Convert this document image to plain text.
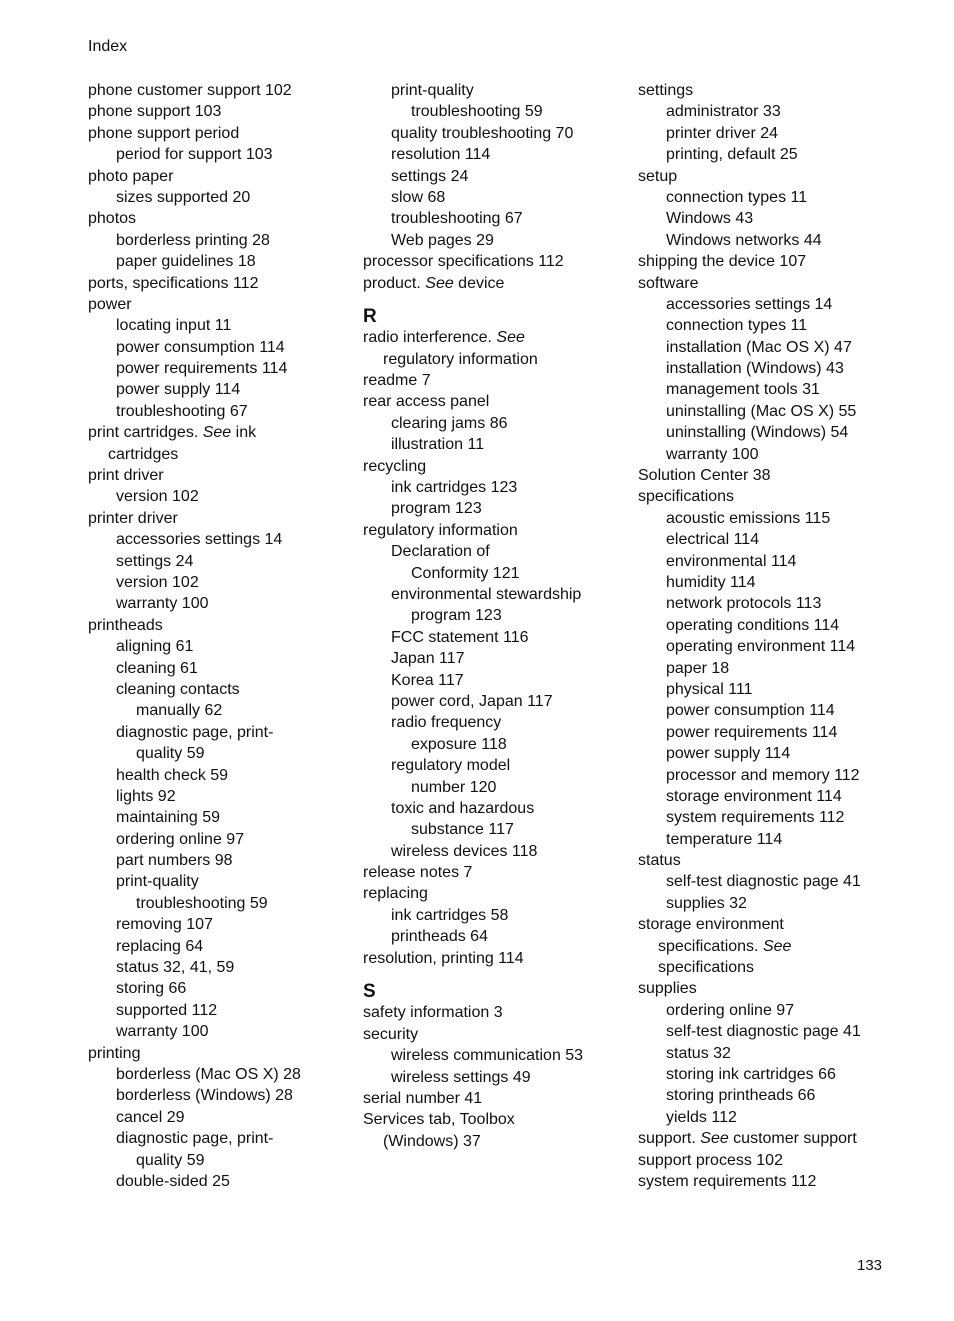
Index
phone customer support 102
phone support 103
phone support period
period for support 103
photo paper
sizes supported 20
photos
borderless printing 28
paper guidelines 18
ports, specifications 112
power
locating input 11
power consumption 114
power requirements 114
power supply 114
troubleshooting 67
print cartridges. See ink
cartridges
print driver
version 102
printer driver
accessories settings 14
settings 24
version 102
warranty 100
printheads
aligning 61
cleaning 61
cleaning contacts
manually 62
diagnostic page, print-
quality 59
health check 59
lights 92
maintaining 59
ordering online 97
part numbers 98
print-quality
troubleshooting 59
removing 107
replacing 64
status 32, 41, 59
storing 66
supported 112
warranty 100
printing
borderless (Mac OS X) 28
borderless (Windows) 28
cancel 29
diagnostic page, print-
quality 59
double-sided 25
print-quality
troubleshooting 59
quality troubleshooting 70
resolution 114
settings 24
slow 68
troubleshooting 67
Web pages 29
processor specifications 112
product. See device
R
radio interference. See
regulatory information
readme 7
rear access panel
clearing jams 86
illustration 11
recycling
ink cartridges 123
program 123
regulatory information
Declaration of
Conformity 121
environmental stewardship
program 123
FCC statement 116
Japan 117
Korea 117
power cord, Japan 117
radio frequency
exposure 118
regulatory model
number 120
toxic and hazardous
substance 117
wireless devices 118
release notes 7
replacing
ink cartridges 58
printheads 64
resolution, printing 114
S
safety information 3
security
wireless communication 53
wireless settings 49
serial number 41
Services tab, Toolbox
(Windows) 37
settings
administrator 33
printer driver 24
printing, default 25
setup
connection types 11
Windows 43
Windows networks 44
shipping the device 107
software
accessories settings 14
connection types 11
installation (Mac OS X) 47
installation (Windows) 43
management tools 31
uninstalling (Mac OS X) 55
uninstalling (Windows) 54
warranty 100
Solution Center 38
specifications
acoustic emissions 115
electrical 114
environmental 114
humidity 114
network protocols 113
operating conditions 114
operating environment 114
paper 18
physical 111
power consumption 114
power requirements 114
power supply 114
processor and memory 112
storage environment 114
system requirements 112
temperature 114
status
self-test diagnostic page 41
supplies 32
storage environment
specifications. See
specifications
supplies
ordering online 97
self-test diagnostic page 41
status 32
storing ink cartridges 66
storing printheads 66
yields 112
support. See customer support
support process 102
system requirements 112
133
